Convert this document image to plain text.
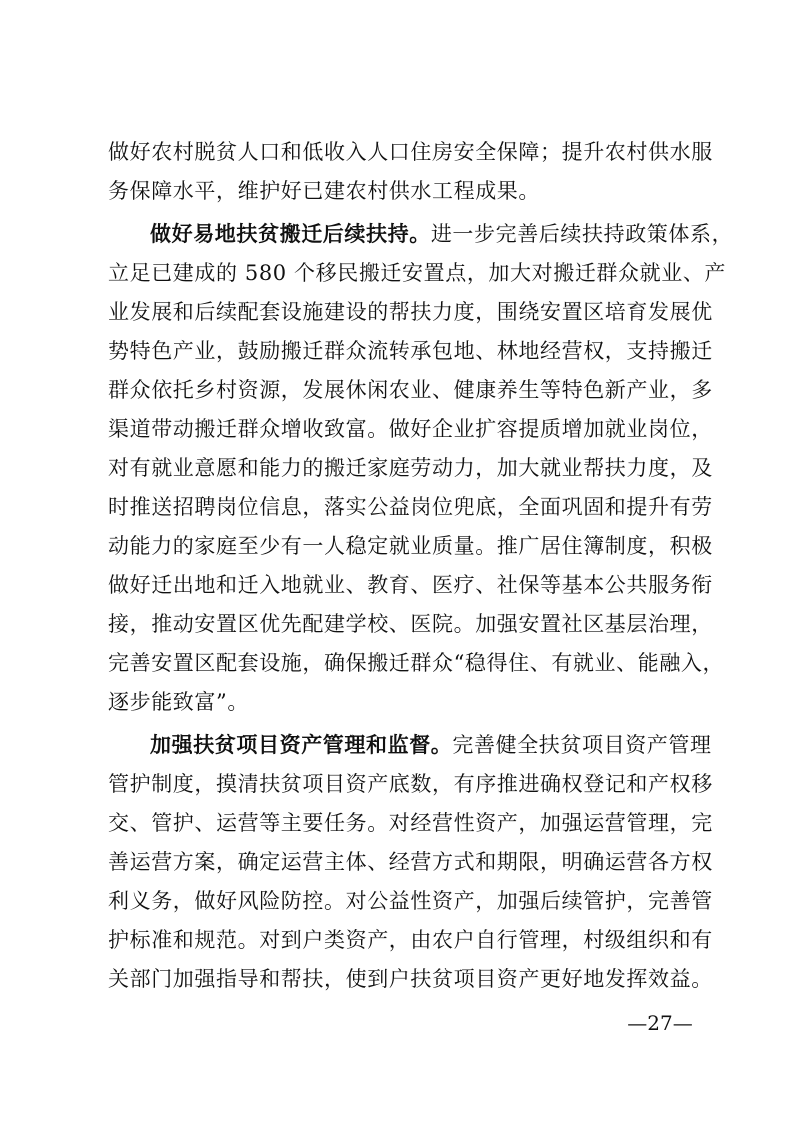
做好农村脱贫人口和低收入人口住房安全保障；提升农村供水服
务保障水平，维护好已建农村供水工程成果。
做好易地扶贫搬迁后续扶持。进一步完善后续扶持政策体系，
立足已建成的 580 个移民搬迁安置点，加大对搬迁群众就业、产
业发展和后续配套设施建设的帮扶力度，围绕安置区培育发展优
势特色产业，鼓励搬迁群众流转承包地、林地经营权，支持搬迁
群众依托乡村资源，发展休闲农业、健康养生等特色新产业，多
渠道带动搬迁群众增收致富。做好企业扩容提质增加就业岗位，
对有就业意愿和能力的搬迁家庭劳动力，加大就业帮扶力度，及
时推送招聘岗位信息，落实公益岗位兜底，全面巩固和提升有劳
动能力的家庭至少有一人稳定就业质量。推广居住簿制度，积极
做好迁出地和迁入地就业、教育、医疗、社保等基本公共服务衔
接，推动安置区优先配建学校、医院。加强安置社区基层治理，
完善安置区配套设施，确保搬迁群众“稳得住、有就业、能融入，
逐步能致富”。
加强扶贫项目资产管理和监督。完善健全扶贫项目资产管理
管护制度，摸清扶贫项目资产底数，有序推进确权登记和产权移
交、管护、运营等主要任务。对经营性资产，加强运营管理，完
善运营方案，确定运营主体、经营方式和期限，明确运营各方权
利义务，做好风险防控。对公益性资产，加强后续管护，完善管
护标准和规范。对到户类资产，由农户自行管理，村级组织和有
关部门加强指导和帮扶，使到户扶贫项目资产更好地发挥效益。
—27—
